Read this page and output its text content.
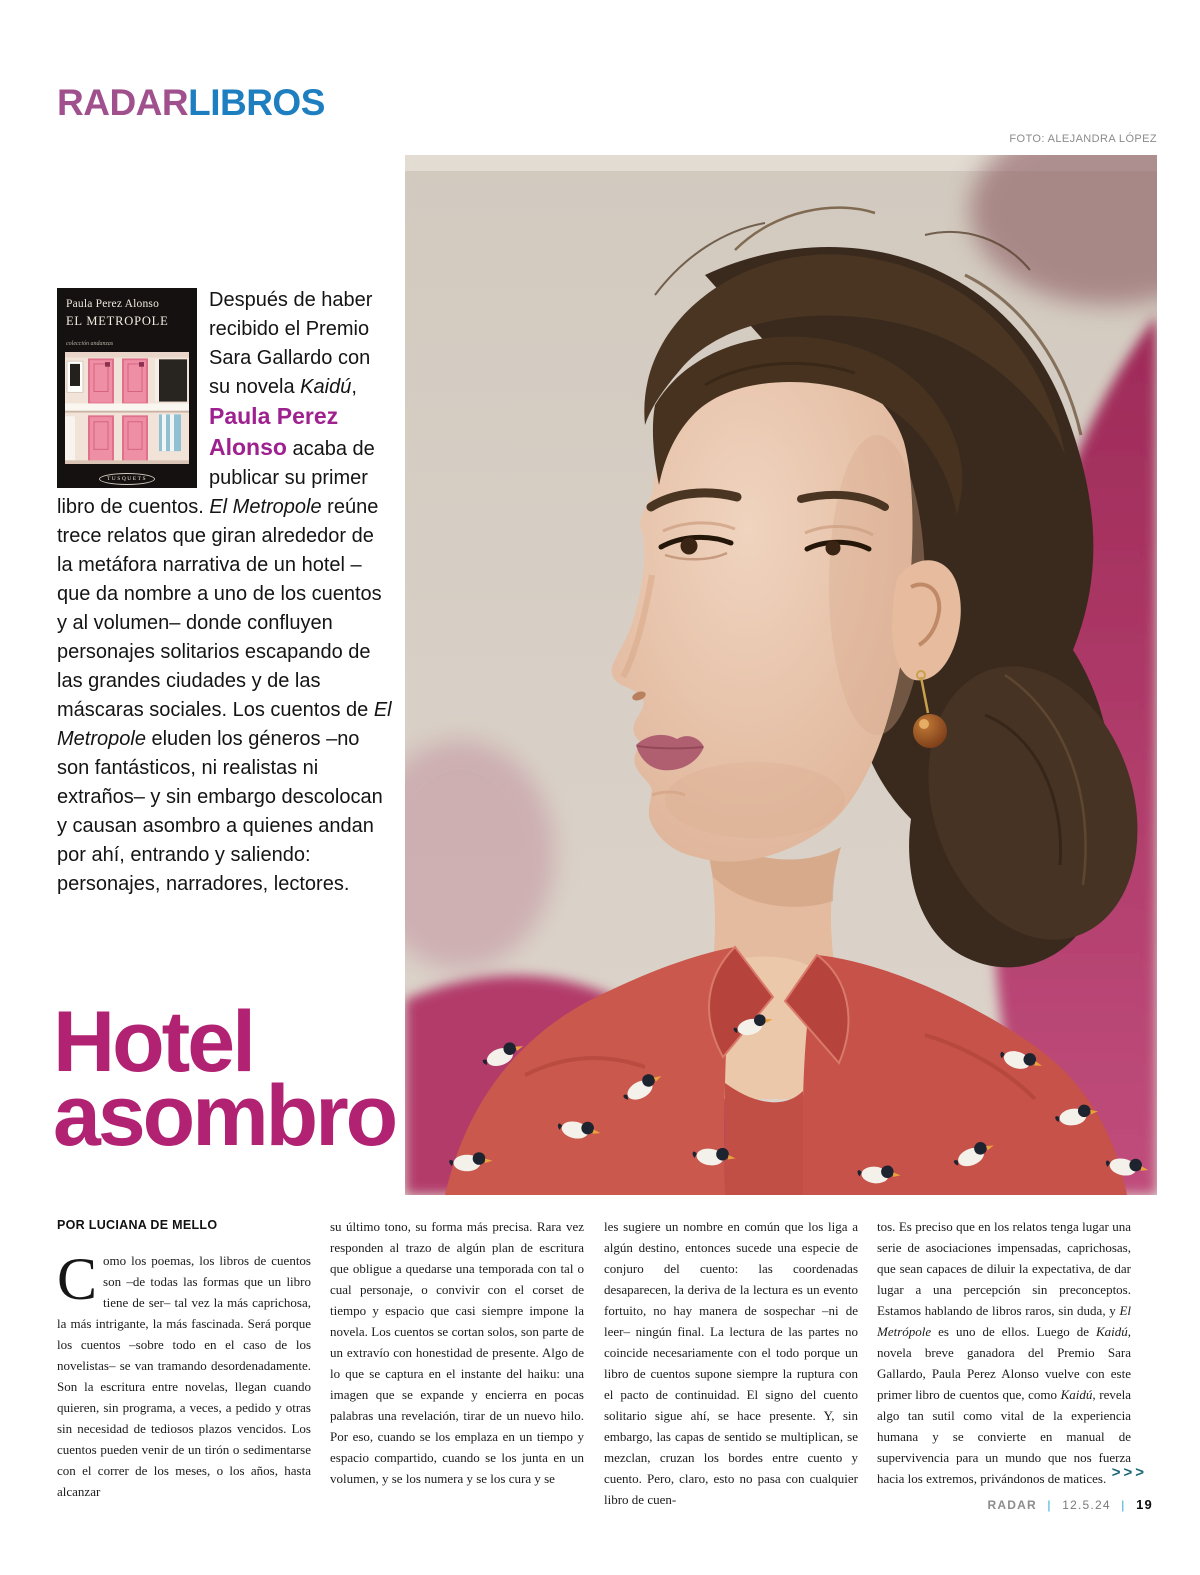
RADARLIBROS
FOTO: ALEJANDRA LÓPEZ
Paula Perez Alonso
EL METROPOLE
colección andanzas
TUSQUETS

Después de haber recibido el Premio Sara Gallardo con su novela Kaidú, Paula Perez Alonso acaba de publicar su primer libro de cuentos. El Metropole reúne trece relatos que giran alrededor de la metáfora narrativa de un hotel –que da nombre a uno de los cuentos y al volumen– donde confluyen personajes solitarios escapando de las grandes ciudades y de las máscaras sociales. Los cuentos de El Metropole eluden los géneros –no son fantásticos, ni realistas ni extraños– y sin embargo descolocan y causan asombro a quienes andan por ahí, entrando y saliendo: personajes, narradores, lectores.

Hotel
asombro
POR LUCIANA DE MELLO

Como los poemas, los libros de cuentos son –de todas las formas que un libro tiene de ser– tal vez la más caprichosa, la más intrigante, la más fascinada. Será porque los cuentos –sobre todo en el caso de los novelistas– se van tramando desordenadamente. Son la escritura entre novelas, llegan cuando quieren, sin programa, a veces, a pedido y otras sin necesidad de tediosos plazos vencidos. Los cuentos pueden venir de un tirón o sedimentarse con el correr de los meses, o los años, hasta alcanzar

su último tono, su forma más precisa. Rara vez responden al trazo de algún plan de escritura que obligue a quedarse una temporada con tal o cual personaje, o convivir con el corset de tiempo y espacio que casi siempre impone la novela. Los cuentos se cortan solos, son parte de un extravío con honestidad de presente. Algo de lo que se captura en el instante del haiku: una imagen que se expande y encierra en pocas palabras una revelación, tirar de un nuevo hilo. Por eso, cuando se los emplaza en un tiempo y espacio compartido, cuando se los junta en un volumen, y se los numera y se los cura y se

les sugiere un nombre en común que los liga a algún destino, entonces sucede una especie de conjuro del cuento: las coordenadas desaparecen, la deriva de la lectura es un evento fortuito, no hay manera de sospechar –ni de leer– ningún final. La lectura de las partes no coincide necesariamente con el todo porque un libro de cuentos supone siempre la ruptura con el pacto de continuidad. El signo del cuento solitario sigue ahí, se hace presente. Y, sin embargo, las capas de sentido se multiplican, se mezclan, cruzan los bordes entre cuento y cuento. Pero, claro, esto no pasa con cualquier libro de cuen-

tos. Es preciso que en los relatos tenga lugar una serie de asociaciones impensadas, caprichosas, que sean capaces de diluir la expectativa, de dar lugar a una percepción sin preconceptos. Estamos hablando de libros raros, sin duda, y El Metrópole es uno de ellos. Luego de Kaidú, novela breve ganadora del Premio Sara Gallardo, Paula Perez Alonso vuelve con este primer libro de cuentos que, como Kaidú, revela algo tan sutil como vital de la experiencia humana y se convierte en manual de supervivencia para un mundo que nos fuerza hacia los extremos, privándonos de matices. >>>
RADAR | 12.5.24 | 19
